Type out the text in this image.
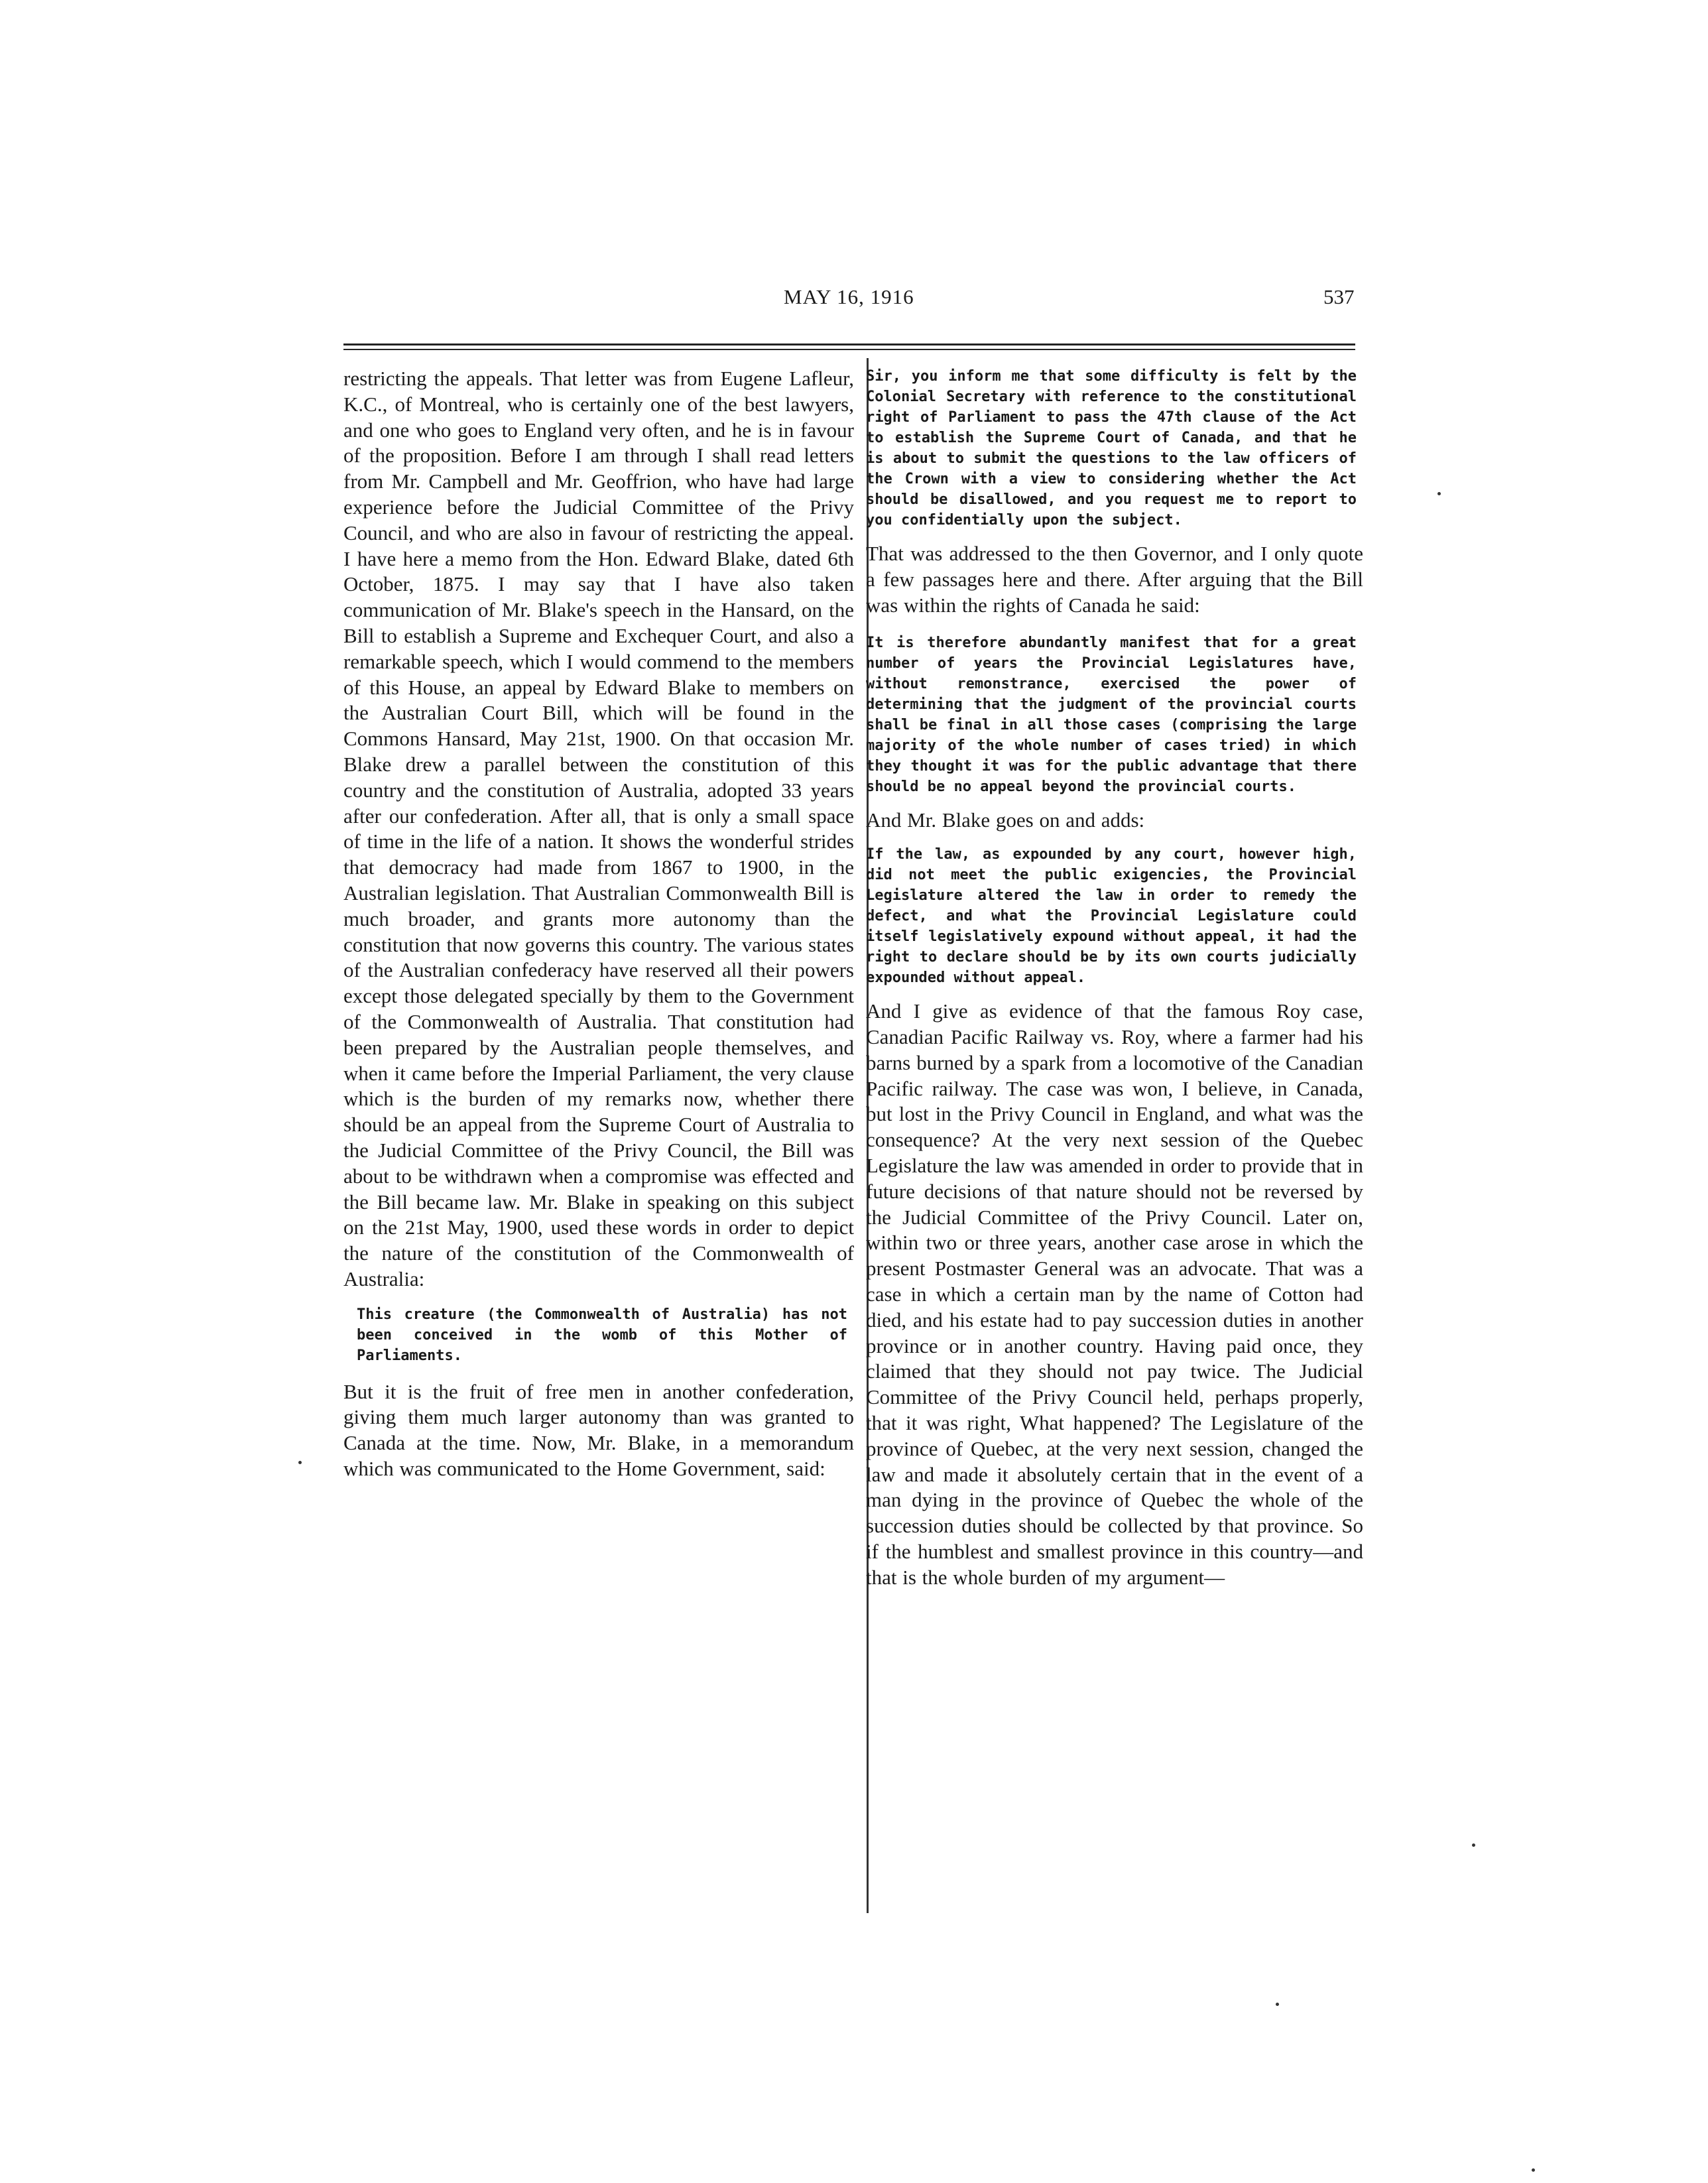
MAY 16, 1916	537

restricting the appeals. That letter was from Eugene Lafleur, K.C., of Montreal, who is certainly one of the best lawyers, and one who goes to England very often, and he is in favour of the proposition. Before I am through I shall read letters from Mr. Campbell and Mr. Geoffrion, who have had large experience before the Judicial Committee of the Privy Council, and who are also in favour of restricting the appeal. I have here a memo from the Hon. Edward Blake, dated 6th October, 1875. I may say that I have also taken communication of Mr. Blake's speech in the Hansard, on the Bill to establish a Supreme and Exchequer Court, and also a remarkable speech, which I would commend to the members of this House, an appeal by Edward Blake to members on the Australian Court Bill, which will be found in the Commons Hansard, May 21st, 1900. On that occasion Mr. Blake drew a parallel between the constitution of this country and the constitution of Australia, adopted 33 years after our confederation. After all, that is only a small space of time in the life of a nation. It shows the wonderful strides that democracy had made from 1867 to 1900, in the Australian legislation. That Australian Commonwealth Bill is much broader, and grants more autonomy than the constitution that now governs this country. The various states of the Australian confederacy have reserved all their powers except those delegated specially by them to the Government of the Commonwealth of Australia. That constitution had been prepared by the Australian people themselves, and when it came before the Imperial Parliament, the very clause which is the burden of my remarks now, whether there should be an appeal from the Supreme Court of Australia to the Judicial Committee of the Privy Council, the Bill was about to be withdrawn when a compromise was effected and the Bill became law. Mr. Blake in speaking on this subject on the 21st May, 1900, used these words in order to depict the nature of the constitution of the Commonwealth of Australia:

This creature (the Commonwealth of Australia) has not been conceived in the womb of this Mother of Parliaments.

But it is the fruit of free men in another confederation, giving them much larger autonomy than was granted to Canada at the time. Now, Mr. Blake, in a memorandum which was communicated to the Home Government, said:

Sir, you inform me that some difficulty is felt by the Colonial Secretary with reference to the constitutional right of Parliament to pass the 47th clause of the Act to establish the Supreme Court of Canada, and that he is about to submit the questions to the law officers of the Crown with a view to considering whether the Act should be disallowed, and you request me to report to you confidentially upon the subject.

That was addressed to the then Governor, and I only quote a few passages here and there. After arguing that the Bill was within the rights of Canada he said:

It is therefore abundantly manifest that for a great number of years the Provincial Legislatures have, without remonstrance, exercised the power of determining that the judgment of the provincial courts shall be final in all those cases (comprising the large majority of the whole number of cases tried) in which they thought it was for the public advantage that there should be no appeal beyond the provincial courts.

And Mr. Blake goes on and adds:

If the law, as expounded by any court, however high, did not meet the public exigencies, the Provincial Legislature altered the law in order to remedy the defect, and what the Provincial Legislature could itself legislatively expound without appeal, it had the right to declare should be by its own courts judicially expounded without appeal.

And I give as evidence of that the famous Roy case, Canadian Pacific Railway vs. Roy, where a farmer had his barns burned by a spark from a locomotive of the Canadian Pacific railway. The case was won, I believe, in Canada, but lost in the Privy Council in England, and what was the consequence? At the very next session of the Quebec Legislature the law was amended in order to provide that in future decisions of that nature should not be reversed by the Judicial Committee of the Privy Council. Later on, within two or three years, another case arose in which the present Postmaster General was an advocate. That was a case in which a certain man by the name of Cotton had died, and his estate had to pay succession duties in another province or in another country. Having paid once, they claimed that they should not pay twice. The Judicial Committee of the Privy Council held, perhaps properly, that it was right, What happened? The Legislature of the province of Quebec, at the very next session, changed the law and made it absolutely certain that in the event of a man dying in the province of Quebec the whole of the succession duties should be collected by that province. So if the humblest and smallest province in this country—and that is the whole burden of my argument—
